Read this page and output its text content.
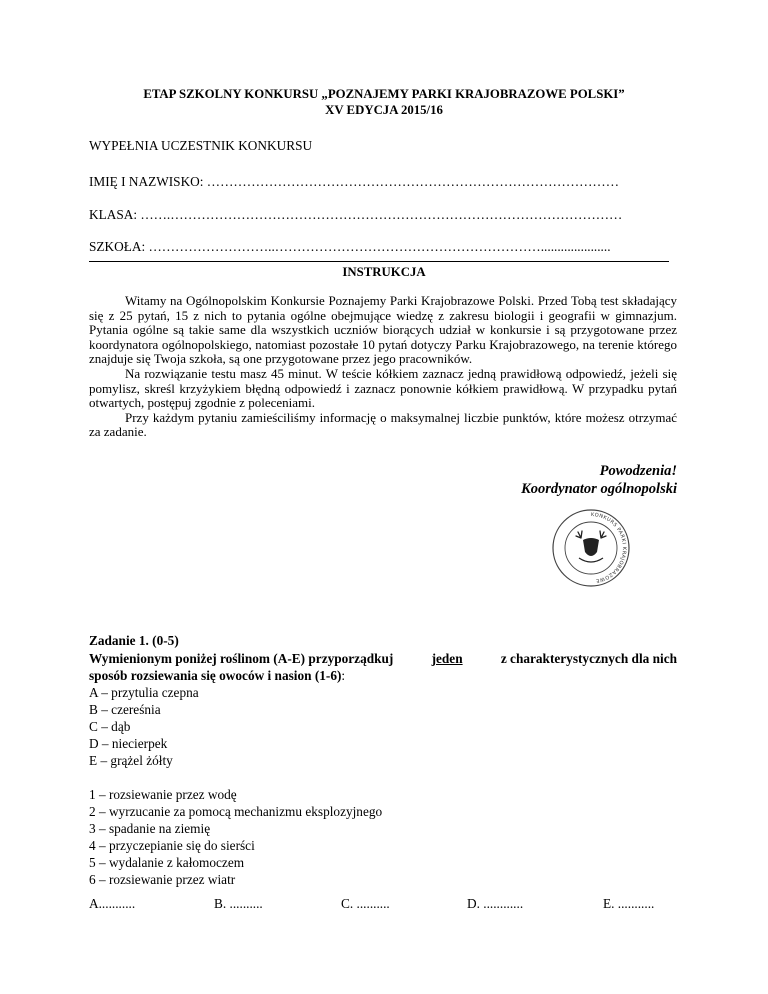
ETAP SZKOLNY KONKURSU „POZNAJEMY PARKI KRAJOBRAZOWE POLSKI”
XV EDYCJA 2015/16
WYPEŁNIA UCZESTNIK KONKURSU
IMIĘ I NAZWISKO: …………………………………………………………………………………
KLASA: …….…………………………………………………………………………………………
SZKOŁA: ………………………..…………………………………………………….....................
INSTRUKCJA

Witamy na Ogólnopolskim Konkursie Poznajemy Parki Krajobrazowe Polski. Przed Tobą test składający się z 25 pytań, 15 z nich to pytania ogólne obejmujące wiedzę z zakresu biologii i geografii w gimnazjum. Pytania ogólne są takie same dla wszystkich uczniów biorących udział w konkursie i są przygotowane przez koordynatora ogólnopolskiego, natomiast pozostałe 10 pytań dotyczy Parku Krajobrazowego, na terenie którego znajduje się Twoja szkoła, są one przygotowane przez jego pracowników.

Na rozwiązanie testu masz 45 minut. W teście kółkiem zaznacz jedną prawidłową odpowiedź, jeżeli się pomylisz, skreśl krzyżykiem błędną odpowiedź i zaznacz ponownie kółkiem prawidłową. W przypadku pytań otwartych, postępuj zgodnie z poleceniami.

Przy każdym pytaniu zamieściliśmy informację o maksymalnej liczbie punktów, które możesz otrzymać za zadanie.

Powodzenia!
Koordynator ogólnopolski
KONKURS PARKI KRAJOBRAZOWE
Zadanie 1. (0-5)
Wymienionym poniżej roślinom (A-E) przyporządkuj	jeden	z charakterystycznych dla nich
sposób rozsiewania się owoców i nasion (1-6):
A – przytulia czepna
B – czereśnia
C – dąb
D – niecierpek
E – grążel żółty
1 – rozsiewanie przez wodę
2 – wyrzucanie za pomocą mechanizmu eksplozyjnego
3 – spadanie na ziemię
4 – przyczepianie się do sierści
5 – wydalanie z kałomoczem
6 – rozsiewanie przez wiatr
A...........	B. ..........	C. ..........	D. ............	E. ...........
